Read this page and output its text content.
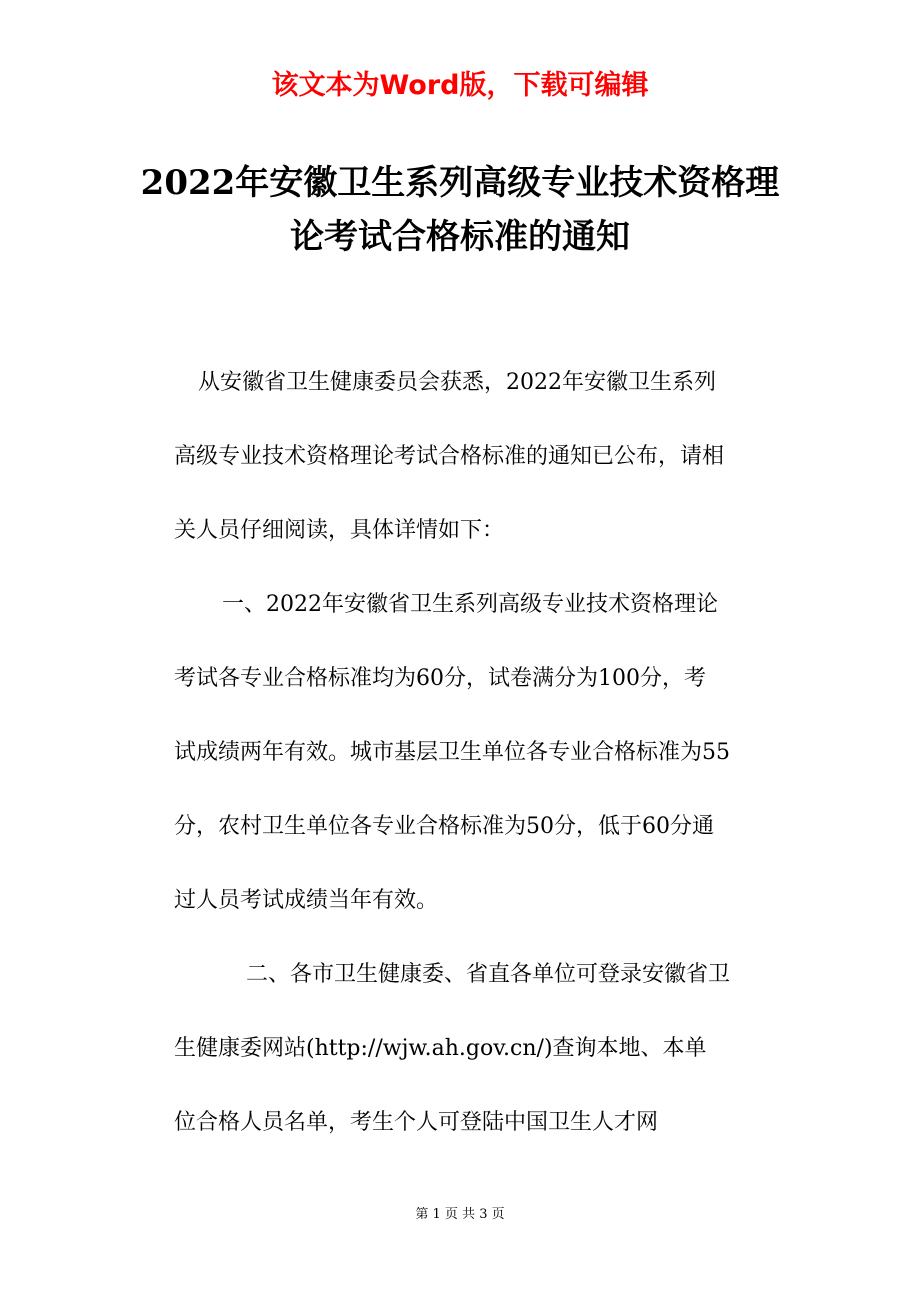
该文本为Word版，下载可编辑
2022年安徽卫生系列高级专业技术资格理
论考试合格标准的通知
从安徽省卫生健康委员会获悉，2022年安徽卫生系列
高级专业技术资格理论考试合格标准的通知已公布，请相
关人员仔细阅读，具体详情如下：
一、2022年安徽省卫生系列高级专业技术资格理论
考试各专业合格标准均为60分，试卷满分为100分，考
试成绩两年有效。城市基层卫生单位各专业合格标准为55
分，农村卫生单位各专业合格标准为50分，低于60分通
过人员考试成绩当年有效。
二、各市卫生健康委、省直各单位可登录安徽省卫
生健康委网站(http://wjw.ah.gov.cn/)查询本地、本单
位合格人员名单，考生个人可登陆中国卫生人才网
第 1 页 共 3 页
